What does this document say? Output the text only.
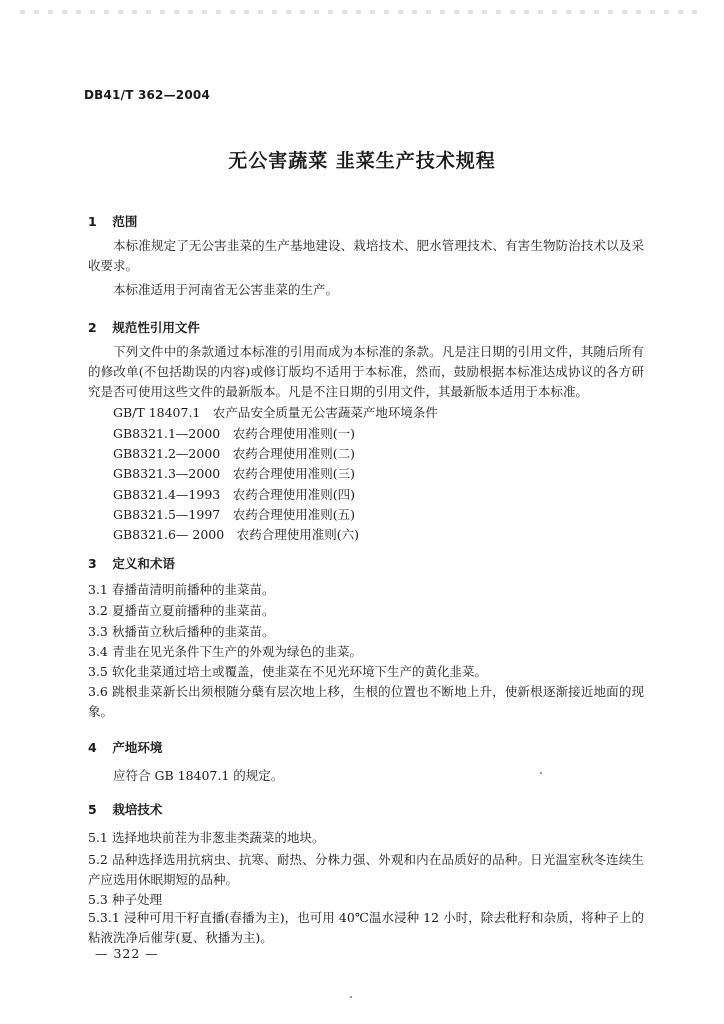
DB41/T 362—2004
无公害蔬菜 韭菜生产技术规程
1 范围
本标准规定了无公害韭菜的生产基地建设、栽培技术、肥水管理技术、有害生物防治技术以及采收要求。
本标准适用于河南省无公害韭菜的生产。
2 规范性引用文件
下列文件中的条款通过本标准的引用而成为本标准的条款。凡是注日期的引用文件，其随后所有的修改单(不包括勘误的内容)或修订版均不适用于本标准，然而，鼓励根据本标准达成协议的各方研究是否可使用这些文件的最新版本。凡是不注日期的引用文件，其最新版本适用于本标准。
GB/T 18407.1　农产品安全质量无公害蔬菜产地环境条件
GB8321.1—2000　农药合理使用准则(一)
GB8321.2—2000　农药合理使用准则(二)
GB8321.3—2000　农药合理使用准则(三)
GB8321.4—1993　农药合理使用准则(四)
GB8321.5—1997　农药合理使用准则(五)
GB8321.6— 2000　农药合理使用准则(六)
3 定义和术语
3.1 春播苗清明前播种的韭菜苗。
3.2 夏播苗立夏前播种的韭菜苗。
3.3 秋播苗立秋后播种的韭菜苗。
3.4 青韭在见光条件下生产的外观为绿色的韭菜。
3.5 软化韭菜通过培土或覆盖，使韭菜在不见光环境下生产的黄化韭菜。
3.6 跳根韭菜新长出须根随分蘖有层次地上移，生根的位置也不断地上升，使新根逐渐接近地面的现象。
4 产地环境
应符合 GB 18407.1 的规定。
5 栽培技术
5.1 选择地块前茬为非葱韭类蔬菜的地块。
5.2 品种选择选用抗病虫、抗寒、耐热、分株力强、外观和内在品质好的品种。日光温室秋冬连续生产应选用休眠期短的品种。
5.3 种子处理
5.3.1 浸种可用干籽直播(春播为主)，也可用 40℃温水浸种 12 小时，除去秕籽和杂质，将种子上的粘液洗净后催芽(夏、秋播为主)。
— 322 —
